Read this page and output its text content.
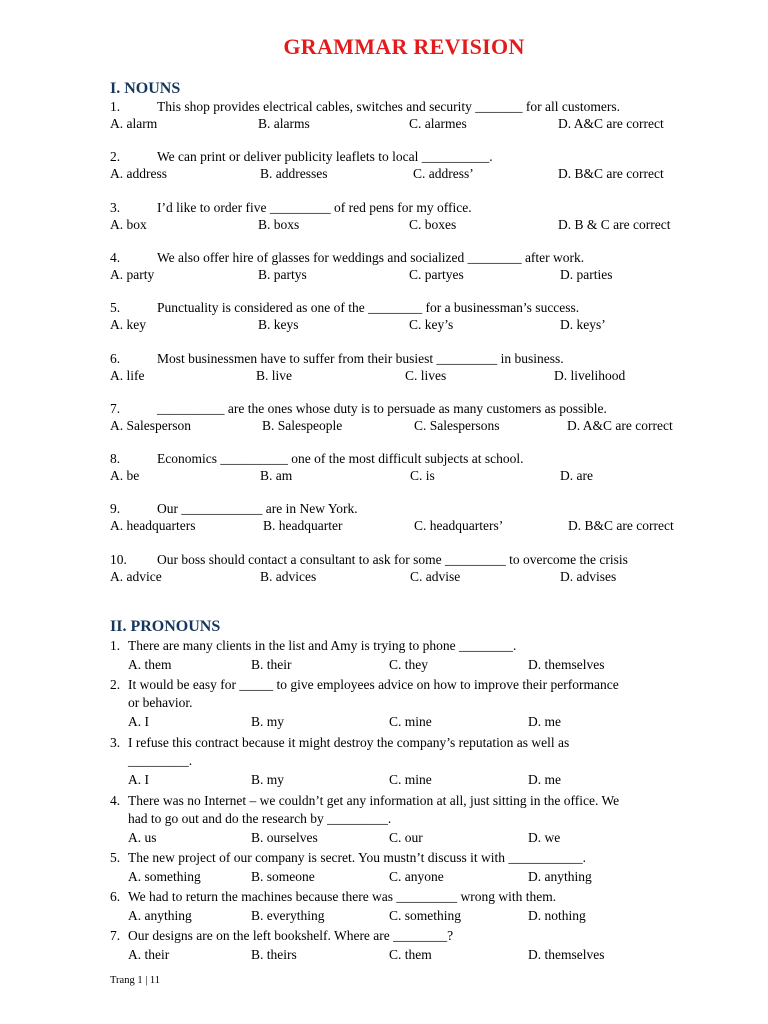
GRAMMAR REVISION
I. NOUNS
1.	This shop provides electrical cables, switches and security _______ for all customers.
A. alarm	B. alarms	C. alarmes	D. A&C are correct
2.	We can print or deliver publicity leaflets to local __________.
A. address	B. addresses	C. address’	D. B&C are correct
3.	I’d like to order five _________ of red pens for my office.
A. box	B. boxs	C. boxes	D. B & C are correct
4.	We also offer hire of glasses for weddings and socialized ________ after work.
A. party	B. partys	C. partyes	D. parties
5.	Punctuality is considered as one of the ________ for a businessman’s success.
A. key	B. keys	C. key’s	D. keys’
6.	Most businessmen have to suffer from their busiest _________ in business.
A. life	B. live	C. lives	D. livelihood
7.	__________ are the ones whose duty is to persuade as many customers as possible.
A. Salesperson	B. Salespeople	C. Salespersons	D. A&C are correct
8.	Economics __________ one of the most difficult subjects at school.
A. be	B. am	C. is	D. are
9.	Our ____________ are in New York.
A. headquarters	B. headquarter	C. headquarters’	D. B&C are correct
10. Our boss should contact a consultant to ask for some _________ to overcome the crisis
A. advice	B. advices	C. advise	D. advises
II. PRONOUNS
1. There are many clients in the list and Amy is trying to phone ________.
A. them	B. their	C. they	D. themselves
2. It would be easy for _____ to give employees advice on how to improve their performance
or behavior.
A. I	B. my	C. mine	D. me
3. I refuse this contract because it might destroy the company’s reputation as well as
_________.
A. I	B. my	C. mine	D. me
4. There was no Internet – we couldn’t get any information at all, just sitting in the office. We
had to go out and do the research by _________.
A. us	B. ourselves	C. our	D. we
5. The new project of our company is secret. You mustn’t discuss it with ___________.
A. something	B. someone	C. anyone	D. anything
6. We had to return the machines because there was _________ wrong with them.
A. anything	B. everything	C. something	D. nothing
7. Our designs are on the left bookshelf. Where are ________?
A. their	B. theirs	C. them	D. themselves
Trang 1 | 11
